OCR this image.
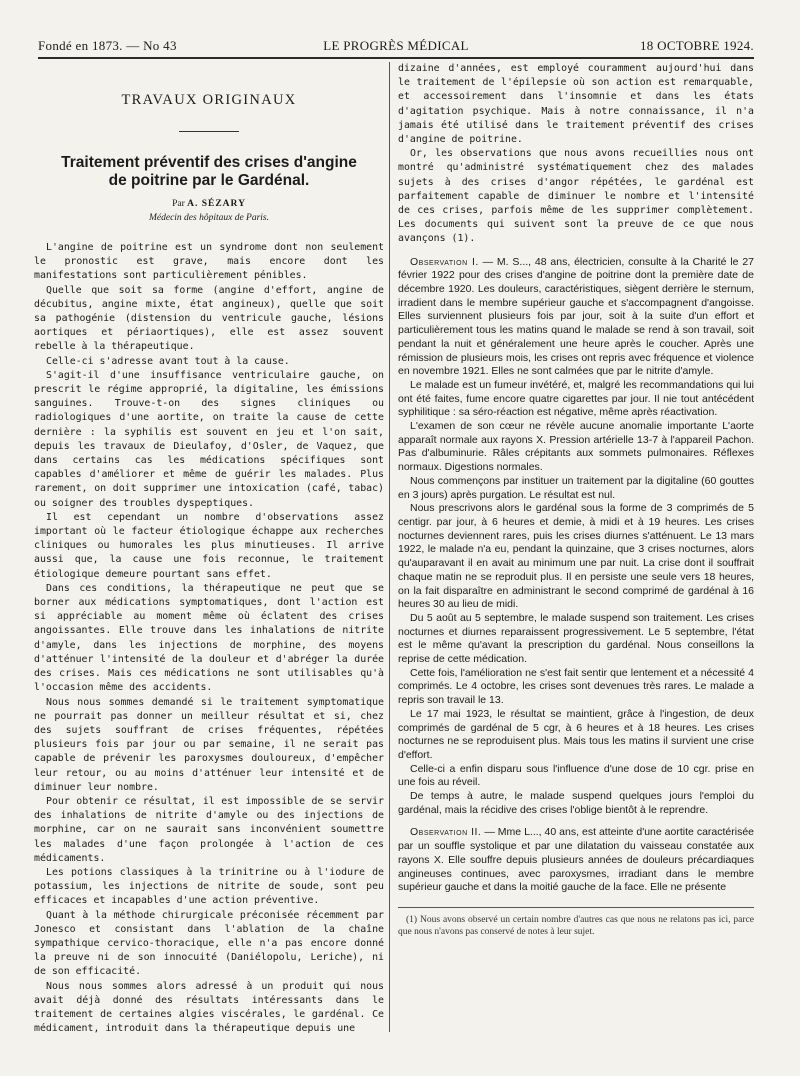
Fondé en 1873. — No 43	LE PROGRÈS MÉDICAL	18 OCTOBRE 1924.
TRAVAUX ORIGINAUX
Traitement préventif des crises d'angine
de poitrine par le Gardénal.
Par A. SÉZARY
Médecin des hôpitaux de Paris.

L'angine de poitrine est un syndrome dont non seulement le pronostic est grave, mais encore dont les manifestations sont particulièrement pénibles.

Quelle que soit sa forme (angine d'effort, angine de décubitus, angine mixte, état angineux), quelle que soit sa pathogénie (distension du ventricule gauche, lésions aortiques et périaortiques), elle est assez souvent rebelle à la thérapeutique.

Celle-ci s'adresse avant tout à la cause.

S'agit-il d'une insuffisance ventriculaire gauche, on prescrit le régime approprié, la digitaline, les émissions sanguines. Trouve-t-on des signes cliniques ou radiologiques d'une aortite, on traite la cause de cette dernière : la syphilis est souvent en jeu et l'on sait, depuis les travaux de Dieulafoy, d'Osler, de Vaquez, que dans certains cas les médications spécifiques sont capables d'améliorer et même de guérir les malades. Plus rarement, on doit supprimer une intoxication (café, tabac) ou soigner des troubles dyspeptiques.

Il est cependant un nombre d'observations assez important où le facteur étiologique échappe aux recherches cliniques ou humorales les plus minutieuses. Il arrive aussi que, la cause une fois reconnue, le traitement étiologique demeure pourtant sans effet.

Dans ces conditions, la thérapeutique ne peut que se borner aux médications symptomatiques, dont l'action est si appréciable au moment même où éclatent des crises angoissantes. Elle trouve dans les inhalations de nitrite d'amyle, dans les injections de morphine, des moyens d'atténuer l'intensité de la douleur et d'abréger la durée des crises. Mais ces médications ne sont utilisables qu'à l'occasion même des accidents.

Nous nous sommes demandé si le traitement symptomatique ne pourrait pas donner un meilleur résultat et si, chez des sujets souffrant de crises fréquentes, répétées plusieurs fois par jour ou par semaine, il ne serait pas capable de prévenir les paroxysmes douloureux, d'empêcher leur retour, ou au moins d'atténuer leur intensité et de diminuer leur nombre.

Pour obtenir ce résultat, il est impossible de se servir des inhalations de nitrite d'amyle ou des injections de morphine, car on ne saurait sans inconvénient soumettre les malades d'une façon prolongée à l'action de ces médicaments.

Les potions classiques à la trinitrine ou à l'iodure de potassium, les injections de nitrite de soude, sont peu efficaces et incapables d'une action préventive.

Quant à la méthode chirurgicale préconisée récemment par Jonesco et consistant dans l'ablation de la chaîne sympathique cervico-thoracique, elle n'a pas encore donné la preuve ni de son innocuité (Daniélopolu, Leriche), ni de son efficacité.

Nous nous sommes alors adressé à un produit qui nous avait déjà donné des résultats intéressants dans le traitement de certaines algies viscérales, le gardénal. Ce médicament, introduit dans la thérapeutique depuis une

dizaine d'années, est employé couramment aujourd'hui dans le traitement de l'épilepsie où son action est remarquable, et accessoirement dans l'insomnie et dans les états d'agitation psychique. Mais à notre connaissance, il n'a jamais été utilisé dans le traitement préventif des crises d'angine de poitrine.

Or, les observations que nous avons recueillies nous ont montré qu'administré systématiquement chez des malades sujets à des crises d'angor répétées, le gardénal est parfaitement capable de diminuer le nombre et l'intensité de ces crises, parfois même de les supprimer complètement. Les documents qui suivent sont la preuve de ce que nous avançons (1).

Observation I. — M. S..., 48 ans, électricien, consulte à la Charité le 27 février 1922 pour des crises d'angine de poitrine dont la première date de décembre 1920. Les douleurs, caractéristiques, siègent derrière le sternum, irradient dans le membre supérieur gauche et s'accompagnent d'angoisse. Elles surviennent plusieurs fois par jour, soit à la suite d'un effort et particulièrement tous les matins quand le malade se rend à son travail, soit pendant la nuit et généralement une heure après le coucher. Après une rémission de plusieurs mois, les crises ont repris avec fréquence et violence en novembre 1921. Elles ne sont calmées que par le nitrite d'amyle.

Le malade est un fumeur invétéré, et, malgré les recommandations qui lui ont été faites, fume encore quatre cigarettes par jour. Il nie tout antécédent syphilitique : sa séro-réaction est négative, même après réactivation.

L'examen de son cœur ne révèle aucune anomalie importante L'aorte apparaît normale aux rayons X. Pression artérielle 13-7 à l'appareil Pachon. Pas d'albuminurie. Râles crépitants aux sommets pulmonaires. Réflexes normaux. Digestions normales.

Nous commençons par instituer un traitement par la digitaline (60 gouttes en 3 jours) après purgation. Le résultat est nul.

Nous prescrivons alors le gardénal sous la forme de 3 comprimés de 5 centigr. par jour, à 6 heures et demie, à midi et à 19 heures. Les crises nocturnes deviennent rares, puis les crises diurnes s'atténuent. Le 13 mars 1922, le malade n'a eu, pendant la quinzaine, que 3 crises nocturnes, alors qu'auparavant il en avait au minimum une par nuit. La crise dont il souffrait chaque matin ne se reproduit plus. Il en persiste une seule vers 18 heures, on la fait disparaître en administrant le second comprimé de gardénal à 16 heures 30 au lieu de midi.

Du 5 août au 5 septembre, le malade suspend son traitement. Les crises nocturnes et diurnes reparaissent progressivement. Le 5 septembre, l'état est le même qu'avant la prescription du gardénal. Nous conseillons la reprise de cette médication.

Cette fois, l'amélioration ne s'est fait sentir que lentement et a nécessité 4 comprimés. Le 4 octobre, les crises sont devenues très rares. Le malade a repris son travail le 13.

Le 17 mai 1923, le résultat se maintient, grâce à l'ingestion, de deux comprimés de gardénal de 5 cgr, à 6 heures et à 18 heures. Les crises nocturnes ne se reproduisent plus. Mais tous les matins il survient une crise d'effort.

Celle-ci a enfin disparu sous l'influence d'une dose de 10 cgr. prise en une fois au réveil.

De temps à autre, le malade suspend quelques jours l'emploi du gardénal, mais la récidive des crises l'oblige bientôt à le reprendre.

Observation II. — Mme L..., 40 ans, est atteinte d'une aortite caractérisée par un souffle systolique et par une dilatation du vaisseau constatée aux rayons X. Elle souffre depuis plusieurs années de douleurs précardiaques angineuses continues, avec paroxysmes, irradiant dans le membre supérieur gauche et dans la moitié gauche de la face. Elle ne présente

(1) Nous avons observé un certain nombre d'autres cas que nous ne relatons pas ici, parce que nous n'avons pas conservé de notes à leur sujet.
